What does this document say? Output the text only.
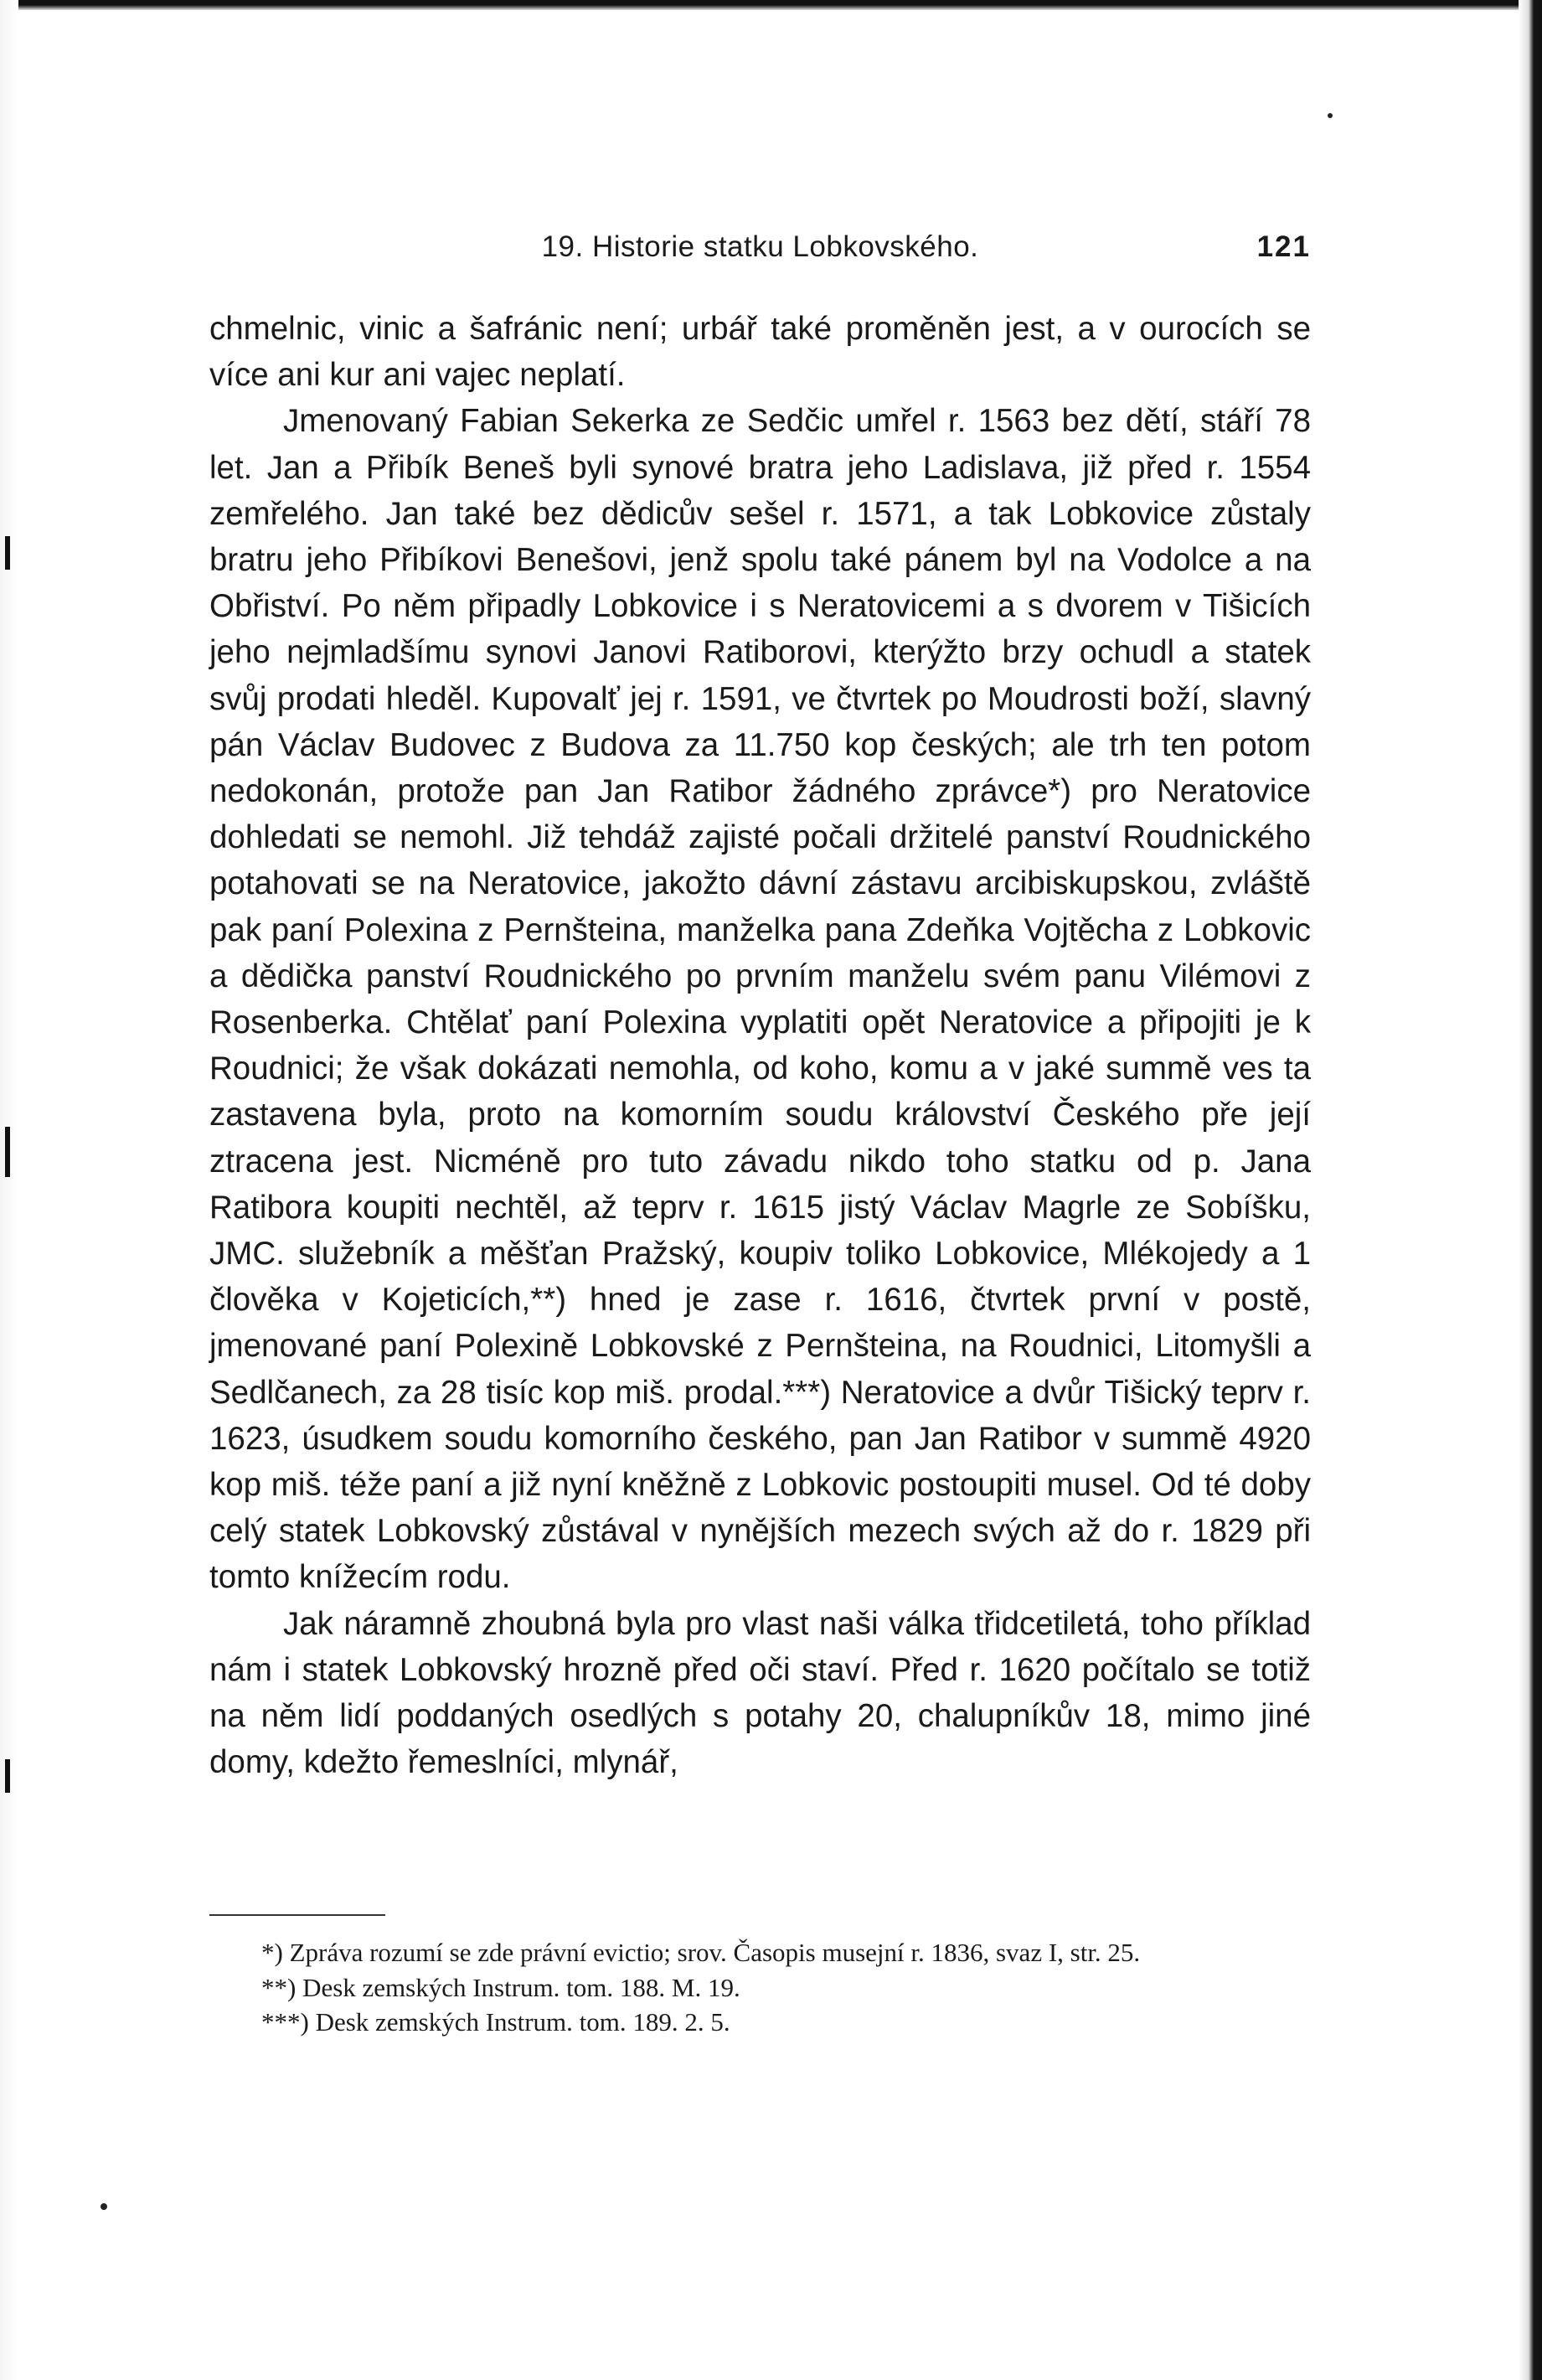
19. Historie statku Lobkovského.	121

chmelnic, vinic a šafránic není; urbář také proměněn jest, a v ourocích se více ani kur ani vajec neplatí.

Jmenovaný Fabian Sekerka ze Sedčic umřel r. 1563 bez dětí, stáří 78 let. Jan a Přibík Beneš byli synové bratra jeho Ladislava, již před r. 1554 zemřelého. Jan také bez dědicův sešel r. 1571, a tak Lobkovice zůstaly bratru jeho Přibíkovi Benešovi, jenž spolu také pánem byl na Vodolce a na Obřiství. Po něm připadly Lobkovice i s Neratovicemi a s dvorem v Tišicích jeho nejmladšímu synovi Janovi Ratiborovi, kterýžto brzy ochudl a statek svůj prodati hleděl. Kupovalť jej r. 1591, ve čtvrtek po Moudrosti boží, slavný pán Václav Budovec z Budova za 11.750 kop českých; ale trh ten potom nedokonán, protože pan Jan Ratibor žádného zprávce*) pro Neratovice dohledati se nemohl. Již tehdáž zajisté počali držitelé panství Roudnického potahovati se na Neratovice, jakožto dávní zástavu arcibiskupskou, zvláště pak paní Polexina z Pernšteina, manželka pana Zdeňka Vojtěcha z Lobkovic a dědička panství Roudnického po prvním manželu svém panu Vilémovi z Rosenberka. Chtělať paní Polexina vyplatiti opět Neratovice a připojiti je k Roudnici; že však dokázati nemohla, od koho, komu a v jaké summě ves ta zastavena byla, proto na komorním soudu království Českého pře její ztracena jest. Nicméně pro tuto závadu nikdo toho statku od p. Jana Ratibora koupiti nechtěl, až teprv r. 1615 jistý Václav Magrle ze Sobíšku, JMC. služebník a měšťan Pražský, koupiv toliko Lobkovice, Mlékojedy a 1 člověka v Kojeticích,**) hned je zase r. 1616, čtvrtek první v postě, jmenované paní Polexině Lobkovské z Pernšteina, na Roudnici, Litomyšli a Sedlčanech, za 28 tisíc kop miš. prodal.***) Neratovice a dvůr Tišický teprv r. 1623, úsudkem soudu komorního českého, pan Jan Ratibor v summě 4920 kop miš. téže paní a již nyní kněžně z Lobkovic postoupiti musel. Od té doby celý statek Lobkovský zůstával v nynějších mezech svých až do r. 1829 při tomto knížecím rodu.

Jak náramně zhoubná byla pro vlast naši válka třidcetiletá, toho příklad nám i statek Lobkovský hrozně před oči staví. Před r. 1620 počítalo se totiž na něm lidí poddaných osedlých s potahy 20, chalupníkův 18, mimo jiné domy, kdežto řemeslníci, mlynář,

*) Zpráva rozumí se zde právní evictio; srov. Časopis musejní r. 1836, svaz I, str. 25.

**) Desk zemských Instrum. tom. 188. M. 19.

***) Desk zemských Instrum. tom. 189. 2. 5.
